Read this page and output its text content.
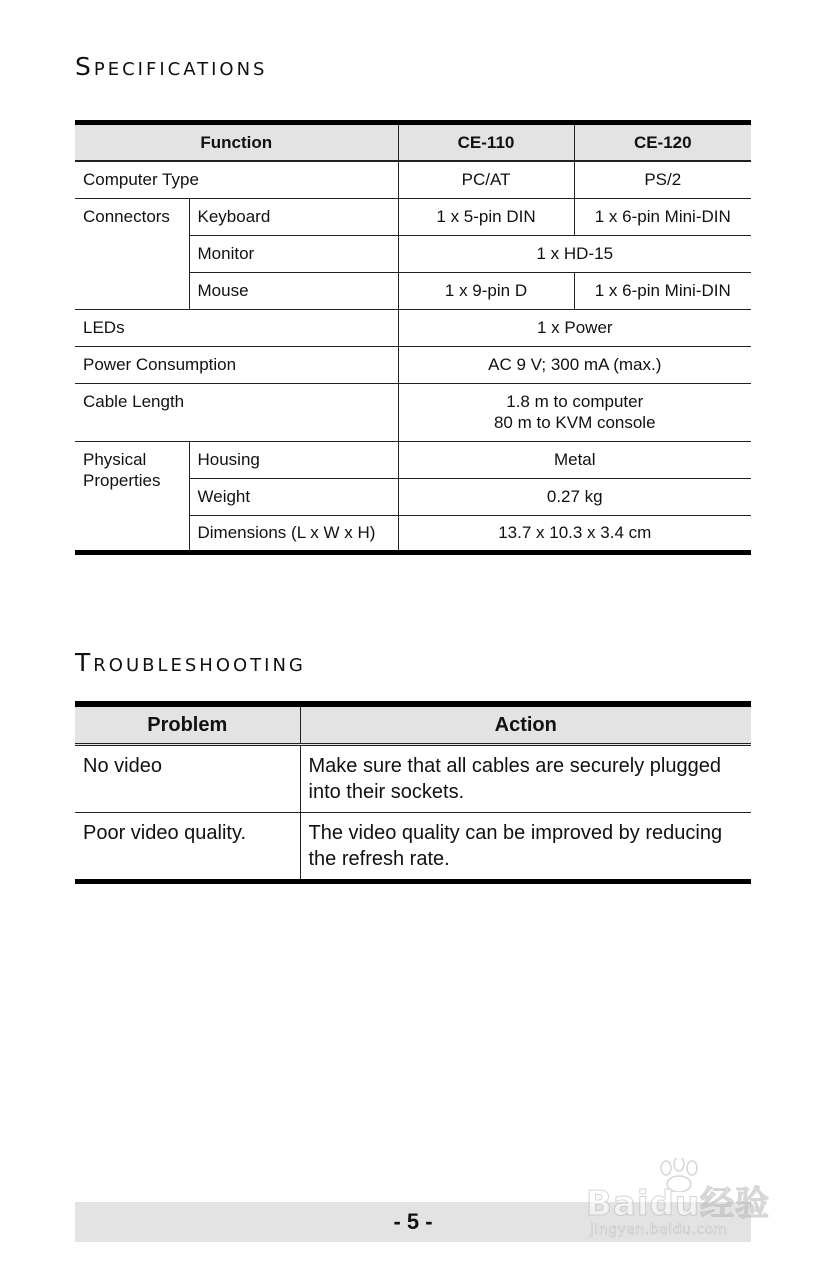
Specifications
Function		CE-110	CE-120
Computer Type		PC/AT	PS/2
Connectors	Keyboard	1 x 5-pin DIN	1 x 6-pin Mini-DIN
	Monitor	1 x HD-15	
	Mouse	1 x 9-pin D	1 x 6-pin Mini-DIN
LEDs		1 x Power	
Power Consumption		AC 9 V; 300 mA (max.)	
Cable Length		1.8 m to computer
80 m to KVM console	

Physical
Properties	Housing	Metal	
	Weight	0.27 kg	
	Dimensions (L x W x H)	13.7 x 10.3 x 3.4 cm	
Troubleshooting
Problem	Action
No video	Make sure that all cables are securely plugged into their sockets.
Poor video quality.	The video quality can be improved by reducing the refresh rate.
- 5 -	Baidu经验
jingyan.baidu.com
